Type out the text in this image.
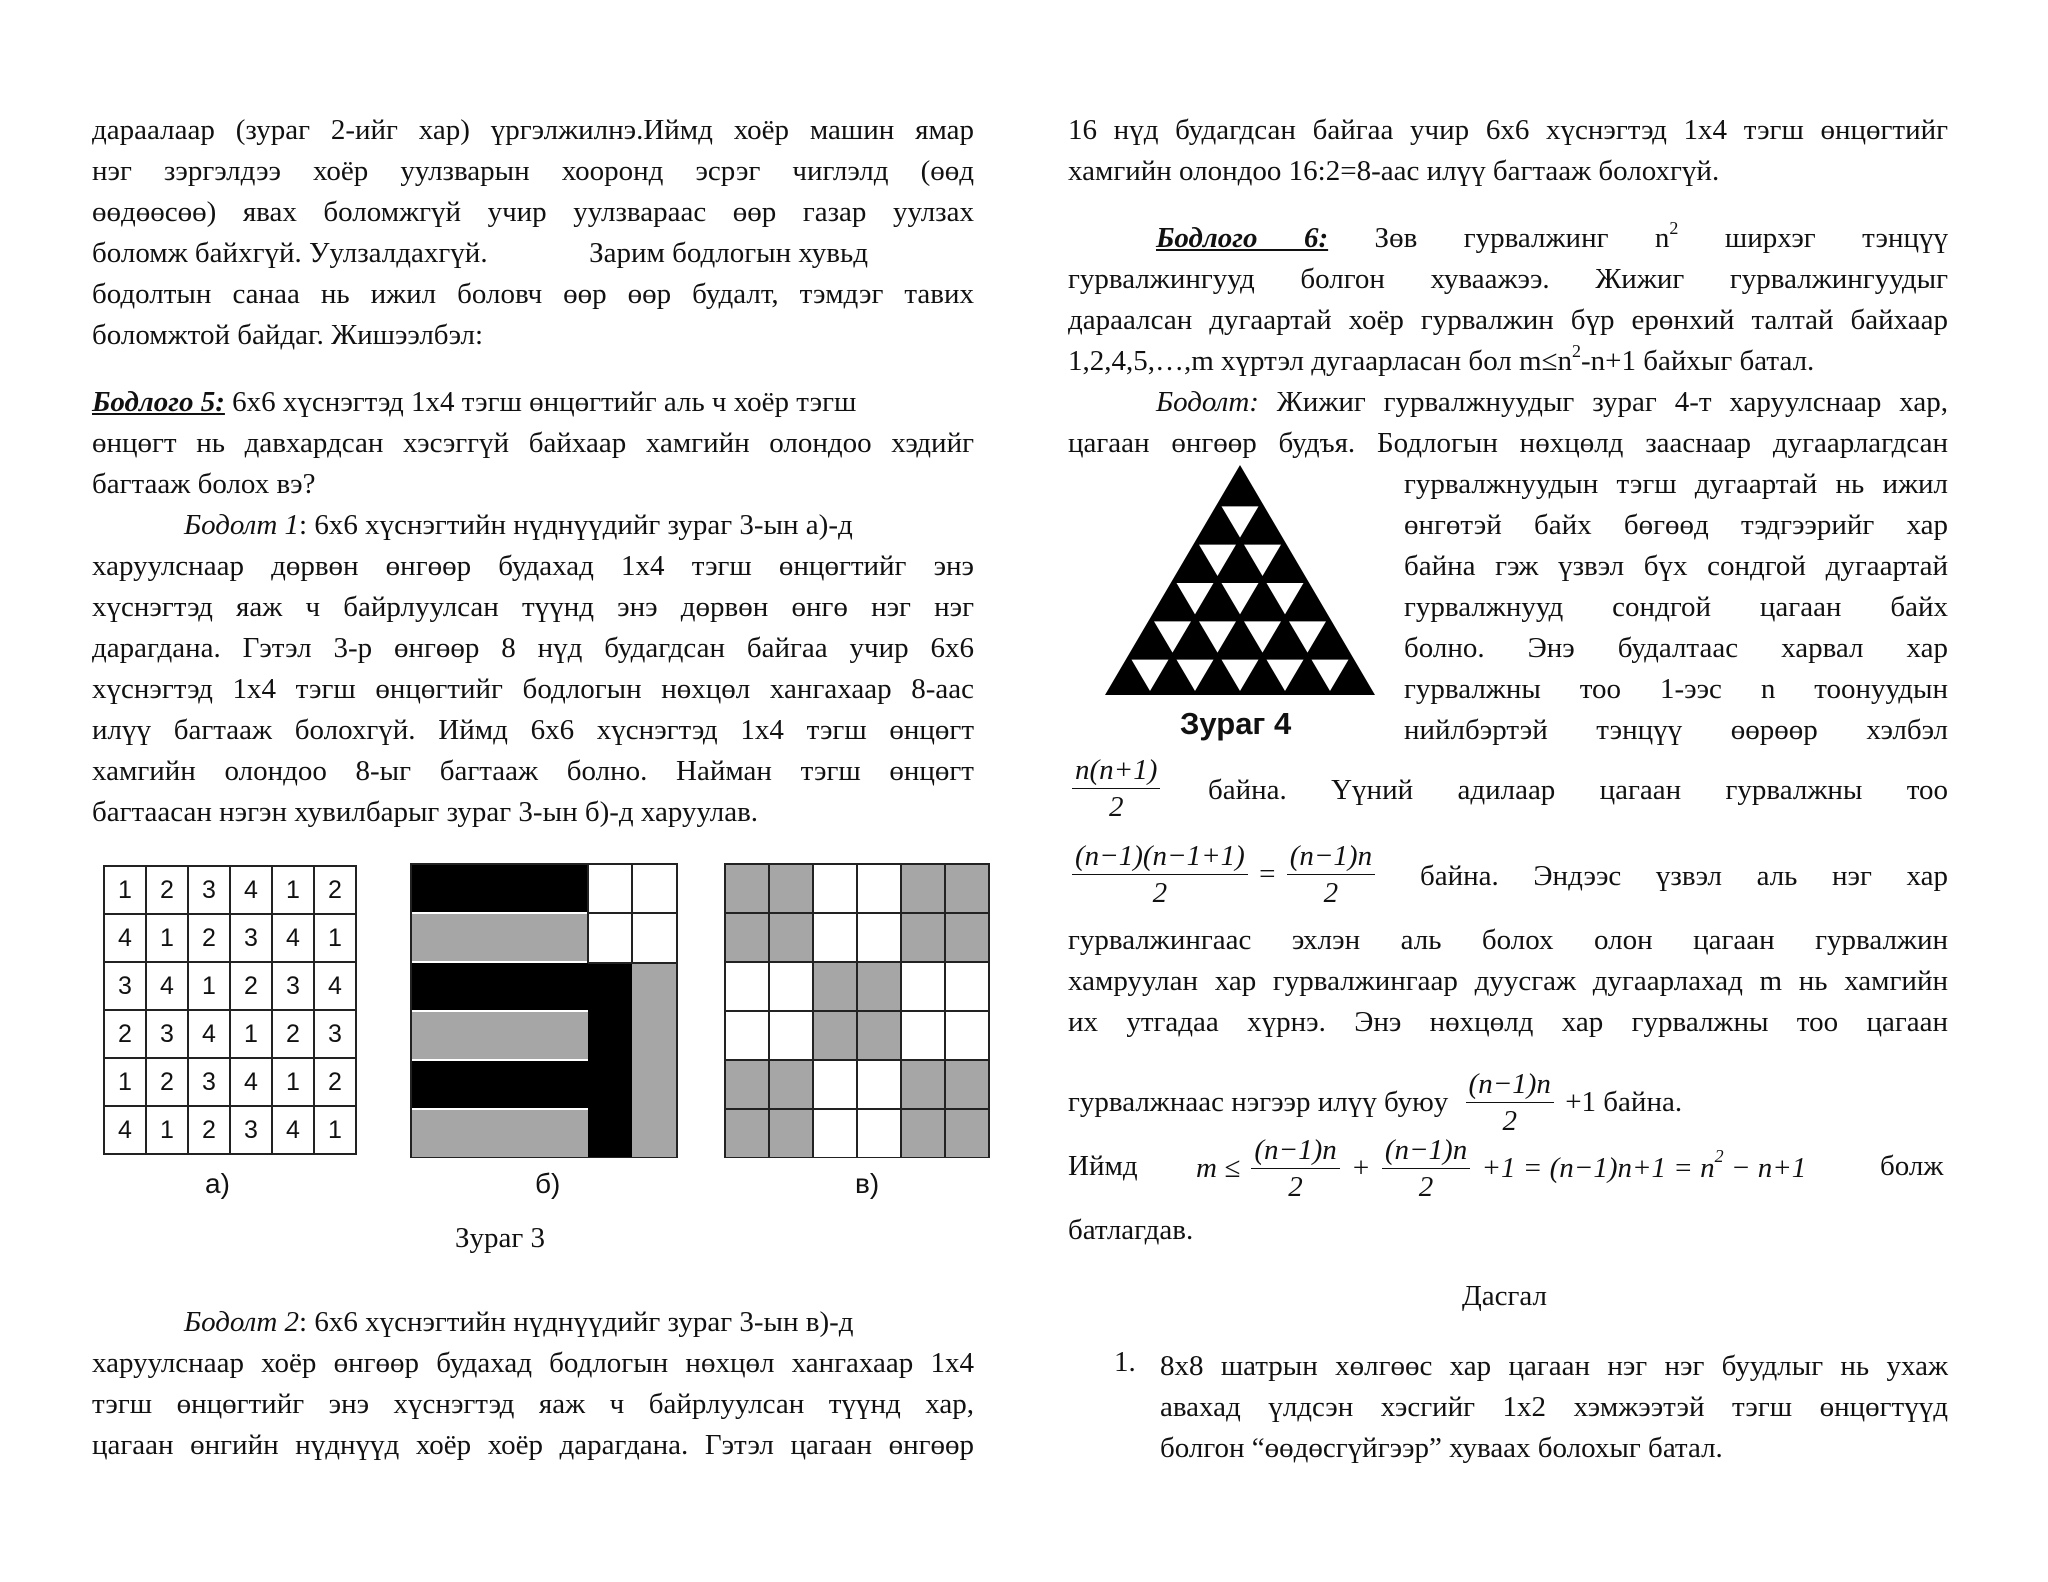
дараалаар (зураг 2-ийг хар) үргэлжилнэ.Иймд хоёр машин ямар
нэг зэргэлдээ хоёр уулзварын хооронд эсрэг чиглэлд (өөд
өөдөөсөө) явах боломжгүй учир уулзвараас өөр газар уулзах
боломж байхгүй. Уулзалдахгүй.              Зарим бодлогын хувьд
бодолтын санаа нь ижил боловч өөр өөр будалт, тэмдэг тавих
боломжтой байдаг. Жишээлбэл:
Бодлого 5: 6x6 хүснэгтэд 1x4 тэгш өнцөгтийг аль ч хоёр тэгш
өнцөгт нь давхардсан хэсэггүй байхаар хамгийн олондоо хэдийг
багтааж болох вэ?
Бодолт 1: 6x6 хүснэгтийн нүднүүдийг зураг 3-ын а)-д
харуулснаар дөрвөн өнгөөр будахад 1x4 тэгш өнцөгтийг энэ
хүснэгтэд яаж ч байрлуулсан түүнд энэ дөрвөн өнгө нэг нэг
дарагдана. Гэтэл 3-р өнгөөр 8 нүд будагдсан байгаа учир 6x6
хүснэгтэд 1x4 тэгш өнцөгтийг бодлогын нөхцөл хангахаар 8-аас
илүү багтааж болохгүй. Иймд 6x6 хүснэгтэд 1x4 тэгш өнцөгт
хамгийн олондоо 8-ыг багтааж болно. Найман тэгш өнцөгт
багтаасан нэгэн хувилбарыг зураг 3-ын б)-д харуулав.
1	2	3	4	1	2
4	1	2	3	4	1
3	4	1	2	3	4
2	3	4	1	2	3
1	2	3	4	1	2
4	1	2	3	4	1
а)	б)	в)
Зураг 3
Бодолт 2: 6x6 хүснэгтийн нүднүүдийг зураг 3-ын в)-д
харуулснаар хоёр өнгөөр будахад бодлогын нөхцөл хангахаар 1x4
тэгш өнцөгтийг энэ хүснэгтэд яаж ч байрлуулсан түүнд хар,
цагаан өнгийн нүднүүд хоёр хоёр дарагдана. Гэтэл цагаан өнгөөр
16 нүд будагдсан байгаа учир 6x6 хүснэгтэд 1x4 тэгш өнцөгтийг
хамгийн олондоо 16:2=8-аас илүү багтааж болохгүй.
Бодлого 6: Зөв гурвалжинг $n^2$ ширхэг тэнцүү
гурвалжингууд болгон хуваажээ. Жижиг гурвалжингуудыг
дараалсан дугаартай хоёр гурвалжин бүр ерөнхий талтай байхаар
1,2,4,5,…,m хүртэл дугаарласан бол $m\le n^2-n+1$ байхыг батал.
Бодолт: Жижиг гурвалжнуудыг зураг 4-т харуулснаар хар,
цагаан өнгөөр будъя. Бодлогын нөхцөлд зааснаар дугаарлагдсан
Зураг 4
гурвалжнуудын тэгш дугаартай нь ижил
өнгөтэй байх бөгөөд тэдгээрийг хар
байна гэж үзвэл бүх сондгой дугаартай
гурвалжнууд сондгой цагаан байх
болно. Энэ будалтаас харвал хар
гурвалжны тоо 1-ээс n тоонуудын
нийлбэртэй тэнцүү өөрөөр хэлбэл
$\frac{n(n+1)}{2}$ байна. Үүний адилаар цагаан гурвалжны тоо
$\frac{(n-1)(n-1+1)}{2} = \frac{(n-1)n}{2}$ байна. Эндээс үзвэл аль нэг хар
гурвалжингаас эхлэн аль болох олон цагаан гурвалжин
хамруулан хар гурвалжингаар дуусгаж дугаарлахад m нь хамгийн
их утгадаа хүрнэ. Энэ нөхцөлд хар гурвалжны тоо цагаан
гурвалжнаас нэгээр илүү буюу $\frac{(n-1)n}{2} +1$ байна.
Иймд $m \le \frac{(n-1)n}{2} + \frac{(n-1)n}{2} +1 = (n-1)n+1 = n^2 - n+1$	болж
батлагдав.
Дасгал
1. 8x8 шатрын хөлгөөс хар цагаан нэг нэг буудлыг нь ухаж
авахад үлдсэн хэсгийг 1x2 хэмжээтэй тэгш өнцөгтүүд
болгон “өөдөсгүйгээр” хуваах болохыг батал.
